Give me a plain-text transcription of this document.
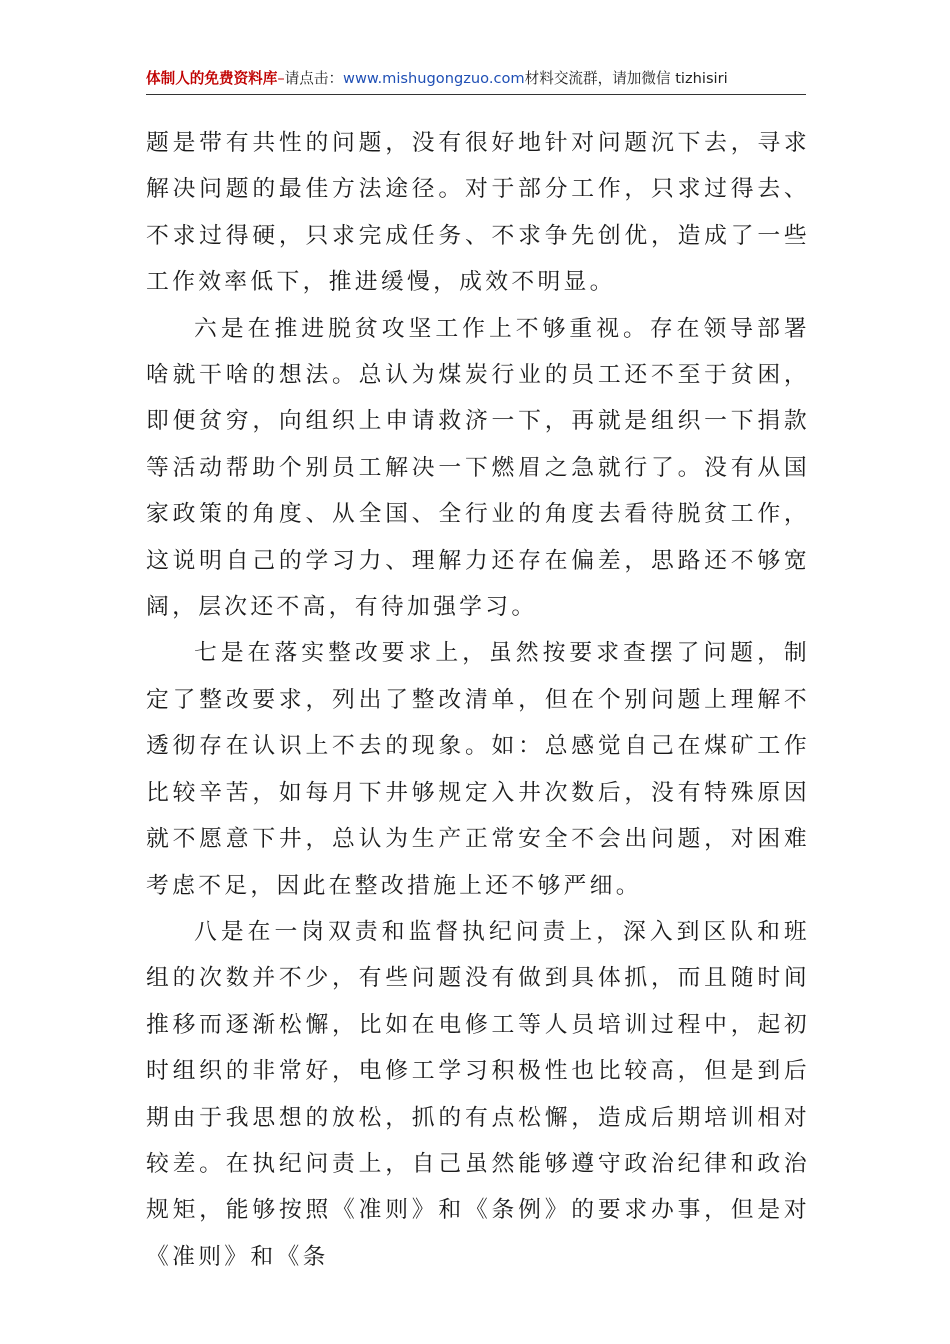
体制人的免费资料库–请点击：www.mishugongzuo.com材料交流群，请加微信 tizhisiri

题是带有共性的问题，没有很好地针对问题沉下去，寻求解决问题的最佳方法途径。对于部分工作，只求过得去、不求过得硬，只求完成任务、不求争先创优，造成了一些工作效率低下，推进缓慢，成效不明显。

六是在推进脱贫攻坚工作上不够重视。存在领导部署啥就干啥的想法。总认为煤炭行业的员工还不至于贫困，即便贫穷，向组织上申请救济一下，再就是组织一下捐款等活动帮助个别员工解决一下燃眉之急就行了。没有从国家政策的角度、从全国、全行业的角度去看待脱贫工作，这说明自己的学习力、理解力还存在偏差，思路还不够宽阔，层次还不高，有待加强学习。

七是在落实整改要求上，虽然按要求查摆了问题，制定了整改要求，列出了整改清单，但在个别问题上理解不透彻存在认识上不去的现象。如：总感觉自己在煤矿工作比较辛苦，如每月下井够规定入井次数后，没有特殊原因就不愿意下井，总认为生产正常安全不会出问题，对困难考虑不足，因此在整改措施上还不够严细。

八是在一岗双责和监督执纪问责上，深入到区队和班组的次数并不少，有些问题没有做到具体抓，而且随时间推移而逐渐松懈，比如在电修工等人员培训过程中，起初时组织的非常好，电修工学习积极性也比较高，但是到后期由于我思想的放松，抓的有点松懈，造成后期培训相对较差。在执纪问责上，自己虽然能够遵守政治纪律和政治规矩，能够按照《准则》和《条例》的要求办事，但是对《准则》和《条
